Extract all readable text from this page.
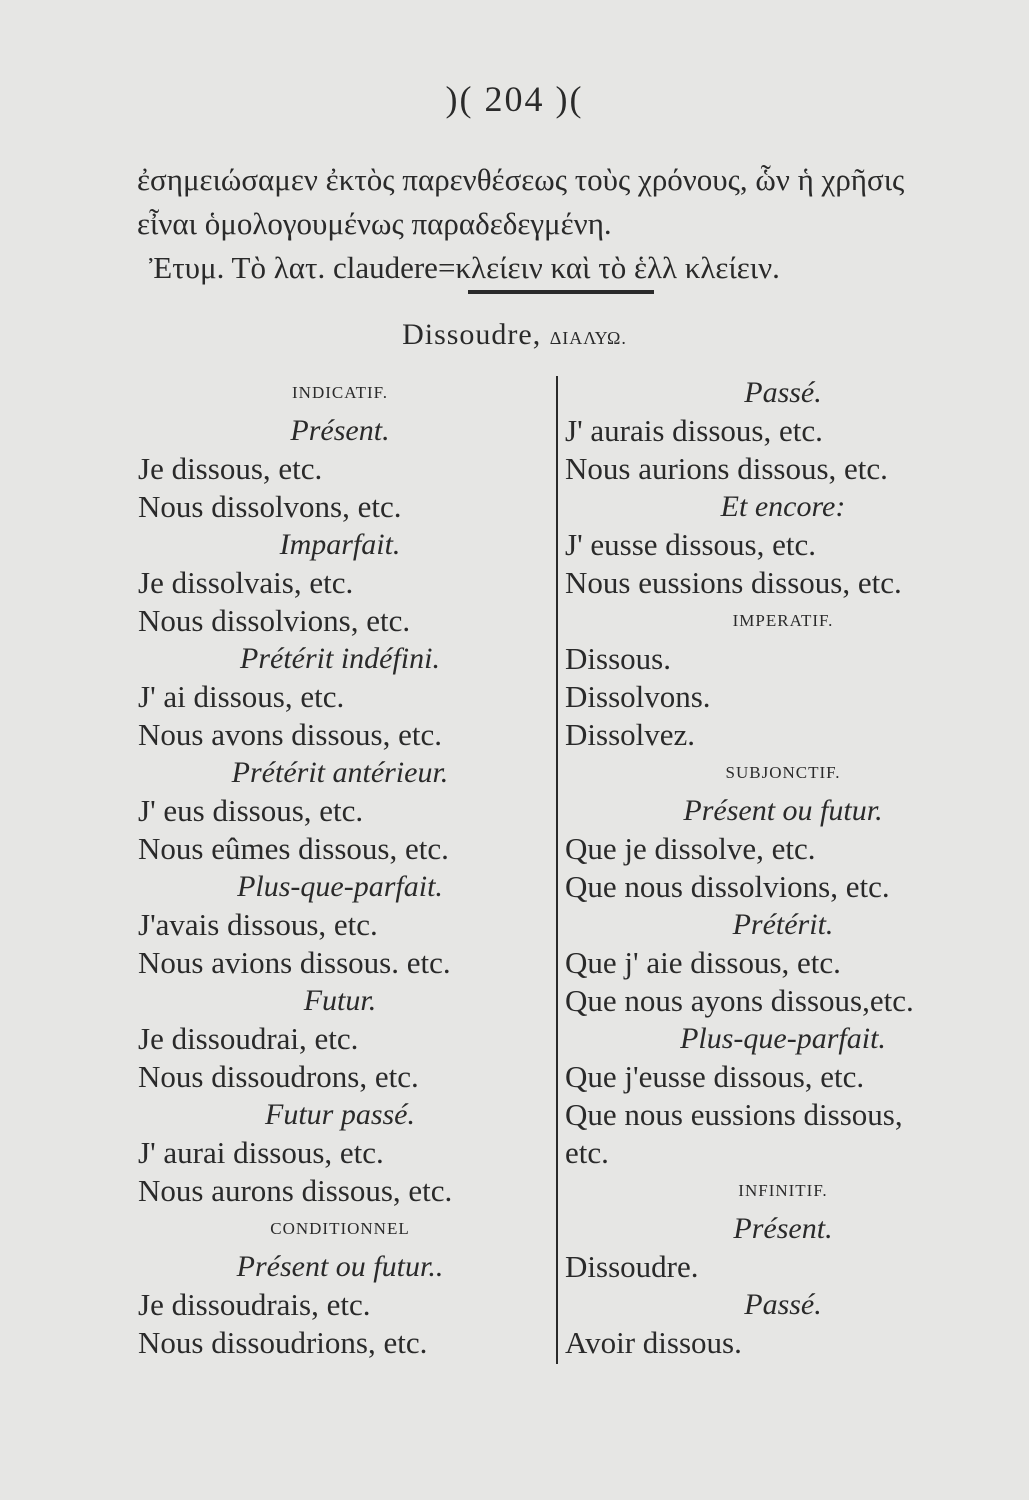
)( 204 )(
ἐσημειώσαμεν ἐκτὸς παρενθέσεως τοὺς χρόνους, ὧν ἡ χρῆσις
εἶναι ὁμολογουμένως παραδεδεγμένη.
Ἐτυμ. Τὸ λατ. claudere=κλείειν καὶ τὸ ἑλλ κλείειν.
Dissoudre, ΔΙΑΛΥΩ.
INDICATIF.
Présent.
Je dissous, etc.
Nous dissolvons, etc.
Imparfait.
Je dissolvais, etc.
Nous dissolvions, etc.
Prétérit indéfini.
J' ai dissous, etc.
Nous avons dissous, etc.
Prétérit antérieur.
J' eus dissous, etc.
Nous eûmes dissous, etc.
Plus-que-parfait.
J'avais dissous, etc.
Nous avions dissous. etc.
Futur.
Je dissoudrai, etc.
Nous dissoudrons, etc.
Futur passé.
J' aurai dissous, etc.
Nous aurons dissous, etc.
CONDITIONNEL
Présent ou futur..
Je dissoudrais, etc.
Nous dissoudrions, etc.
Passé.
J' aurais dissous, etc.
Nous aurions dissous, etc.
Et encore:
J' eusse dissous, etc.
Nous eussions dissous, etc.
IMPERATIF.
Dissous.
Dissolvons.
Dissolvez.
SUBJONCTIF.
Présent ou futur.
Que je dissolve, etc.
Que nous dissolvions, etc.
Prétérit.
Que j' aie dissous, etc.
Que nous ayons dissous,etc.
Plus-que-parfait.
Que j'eusse dissous, etc.
Que nous eussions dissous,
etc.
INFINITIF.
Présent.
Dissoudre.
Passé.
Avoir dissous.
